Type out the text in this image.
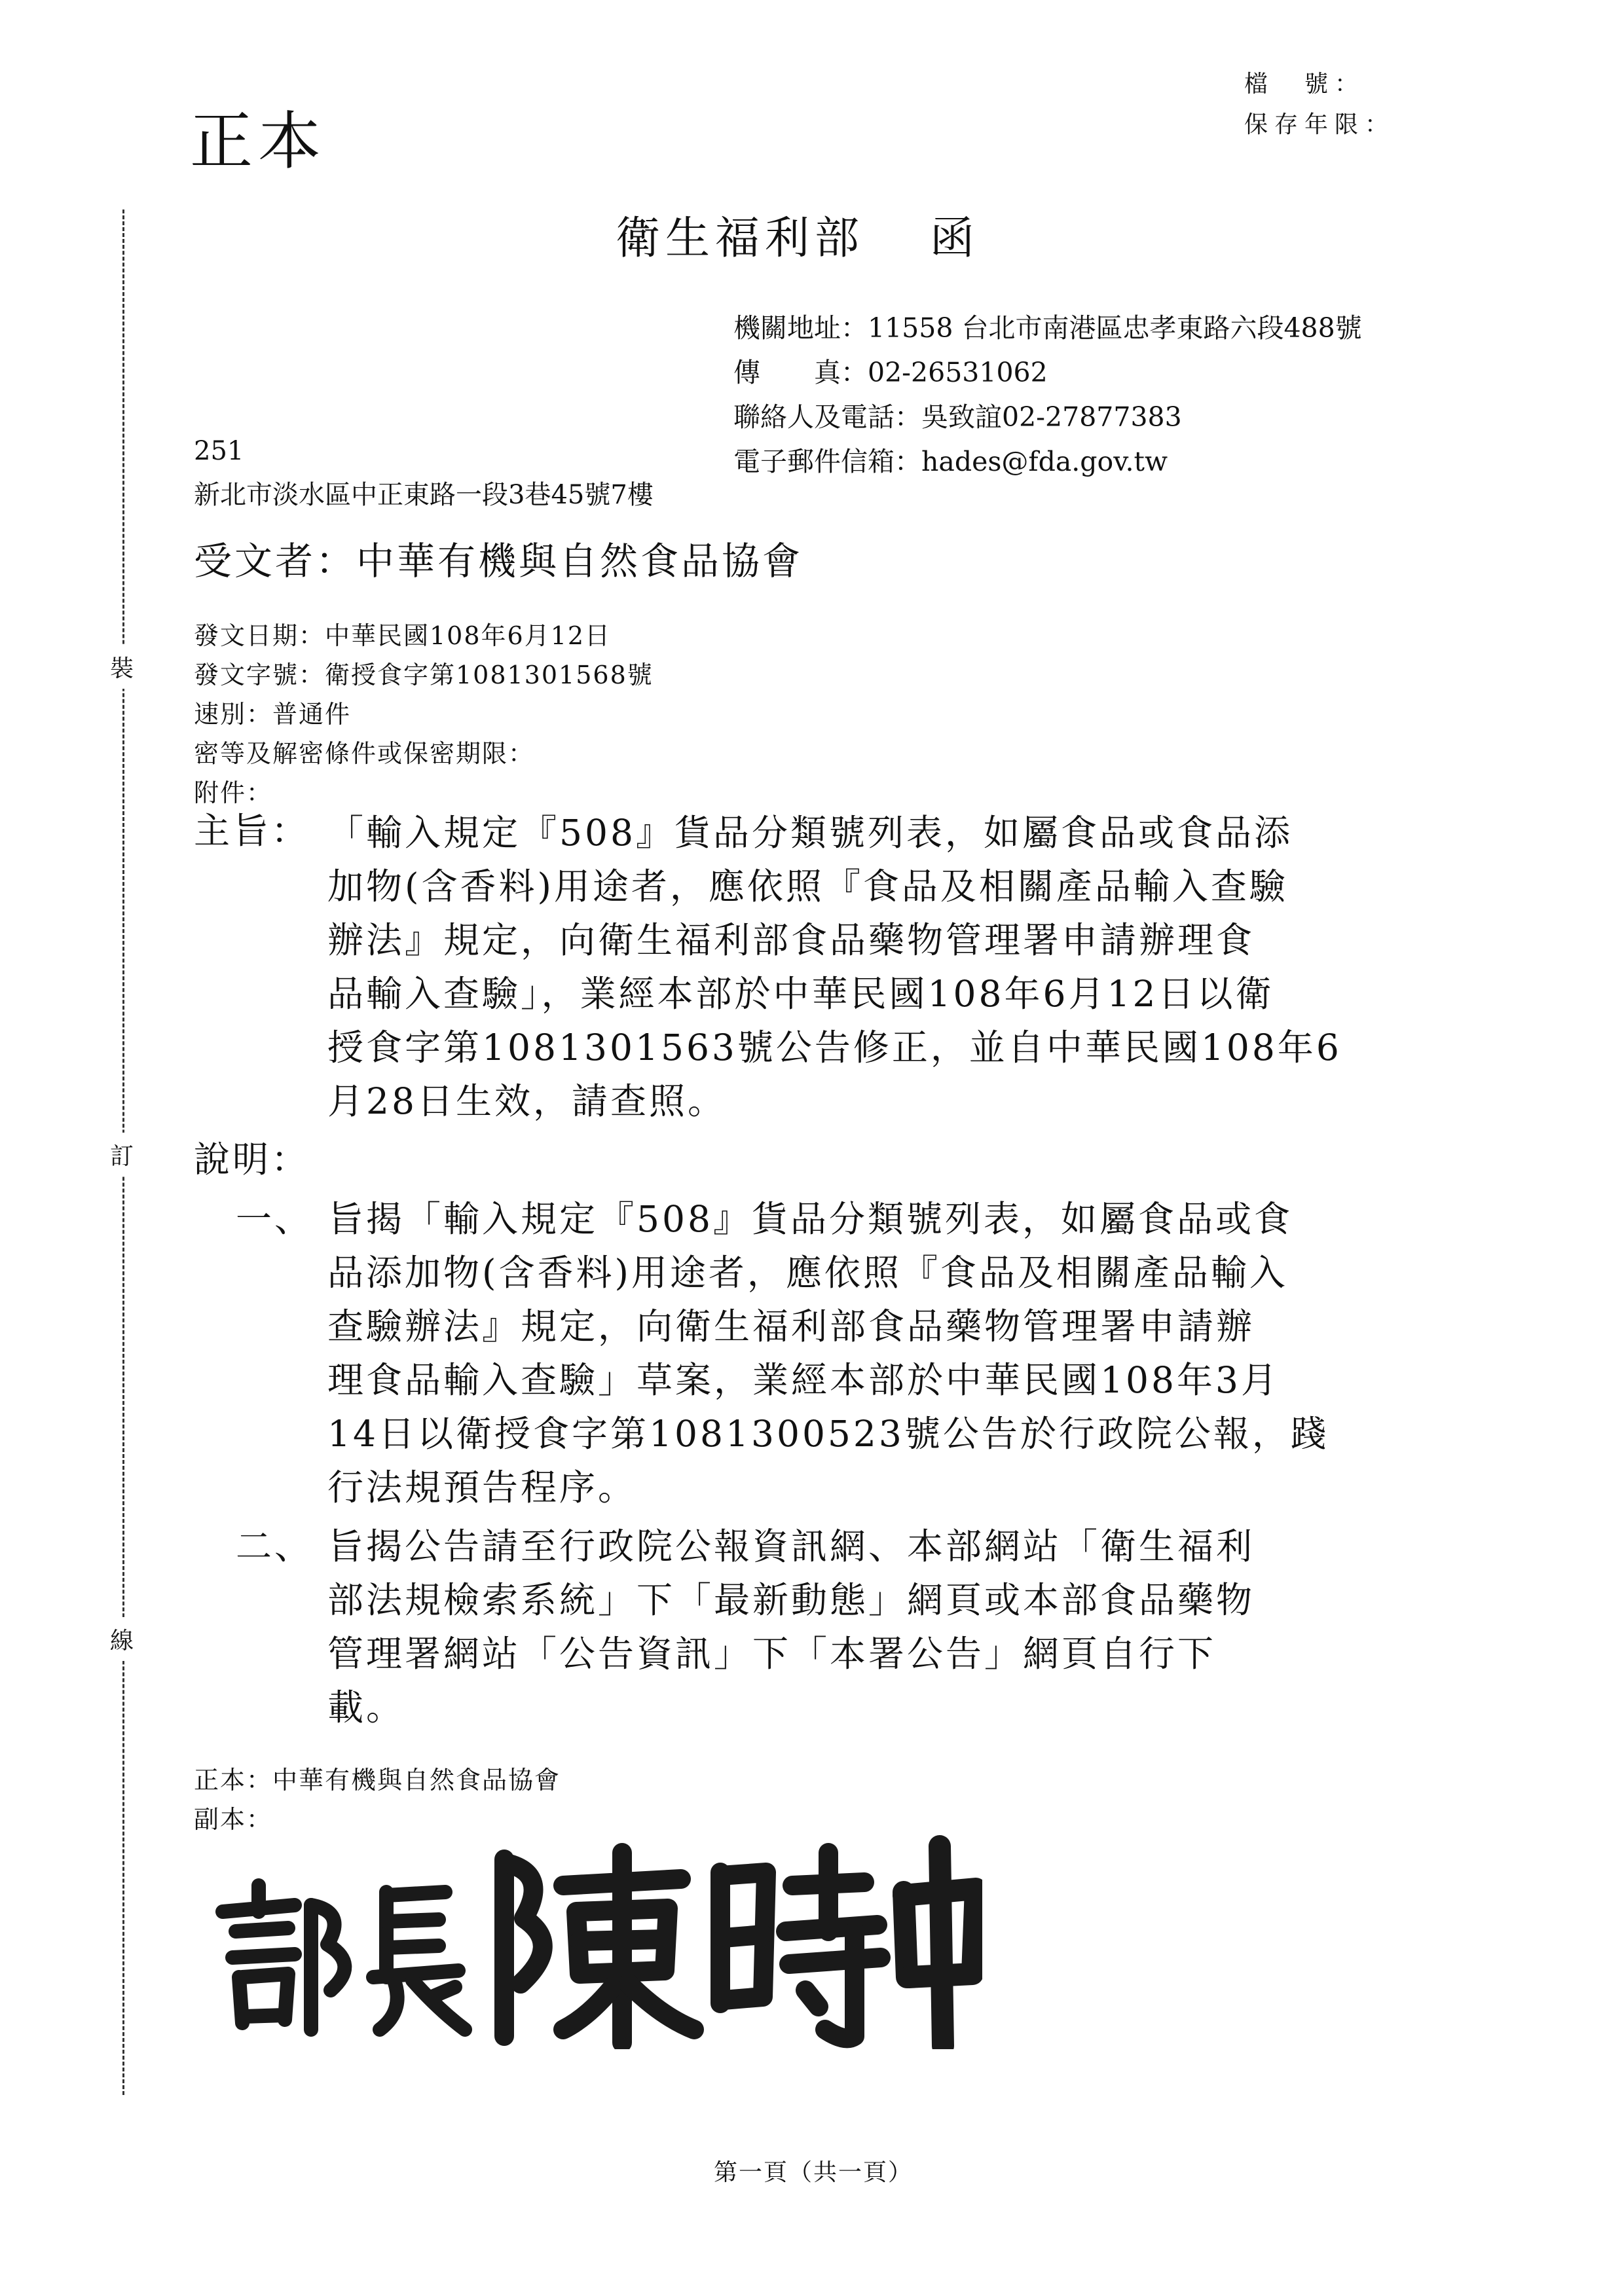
正本
檔　號：
保存年限：
裝
訂
線
衛生福利部 函
機關地址：11558 台北市南港區忠孝東路六段488號
傳　　真：02-26531062
聯絡人及電話：吳致誼02-27877383
電子郵件信箱：hades@fda.gov.tw
251
新北市淡水區中正東路一段3巷45號7樓
受文者：中華有機與自然食品協會
發文日期：中華民國108年6月12日
發文字號：衛授食字第1081301568號
速別：普通件
密等及解密條件或保密期限：
附件：
主旨： 「輸入規定『508』貨品分類號列表，如屬食品或食品添
加物(含香料)用途者，應依照『食品及相關產品輸入查驗
辦法』規定，向衛生福利部食品藥物管理署申請辦理食
品輸入查驗」，業經本部於中華民國108年6月12日以衛
授食字第1081301563號公告修正，並自中華民國108年6
月28日生效，請查照。
說明：
一、 旨揭「輸入規定『508』貨品分類號列表，如屬食品或食
品添加物(含香料)用途者，應依照『食品及相關產品輸入
查驗辦法』規定，向衛生福利部食品藥物管理署申請辦
理食品輸入查驗」草案，業經本部於中華民國108年3月
14日以衛授食字第1081300523號公告於行政院公報，踐
行法規預告程序。
二、 旨揭公告請至行政院公報資訊網、本部網站「衛生福利
部法規檢索系統」下「最新動態」網頁或本部食品藥物
管理署網站「公告資訊」下「本署公告」網頁自行下
載。
正本：中華有機與自然食品協會
副本：
第一頁（共一頁）
